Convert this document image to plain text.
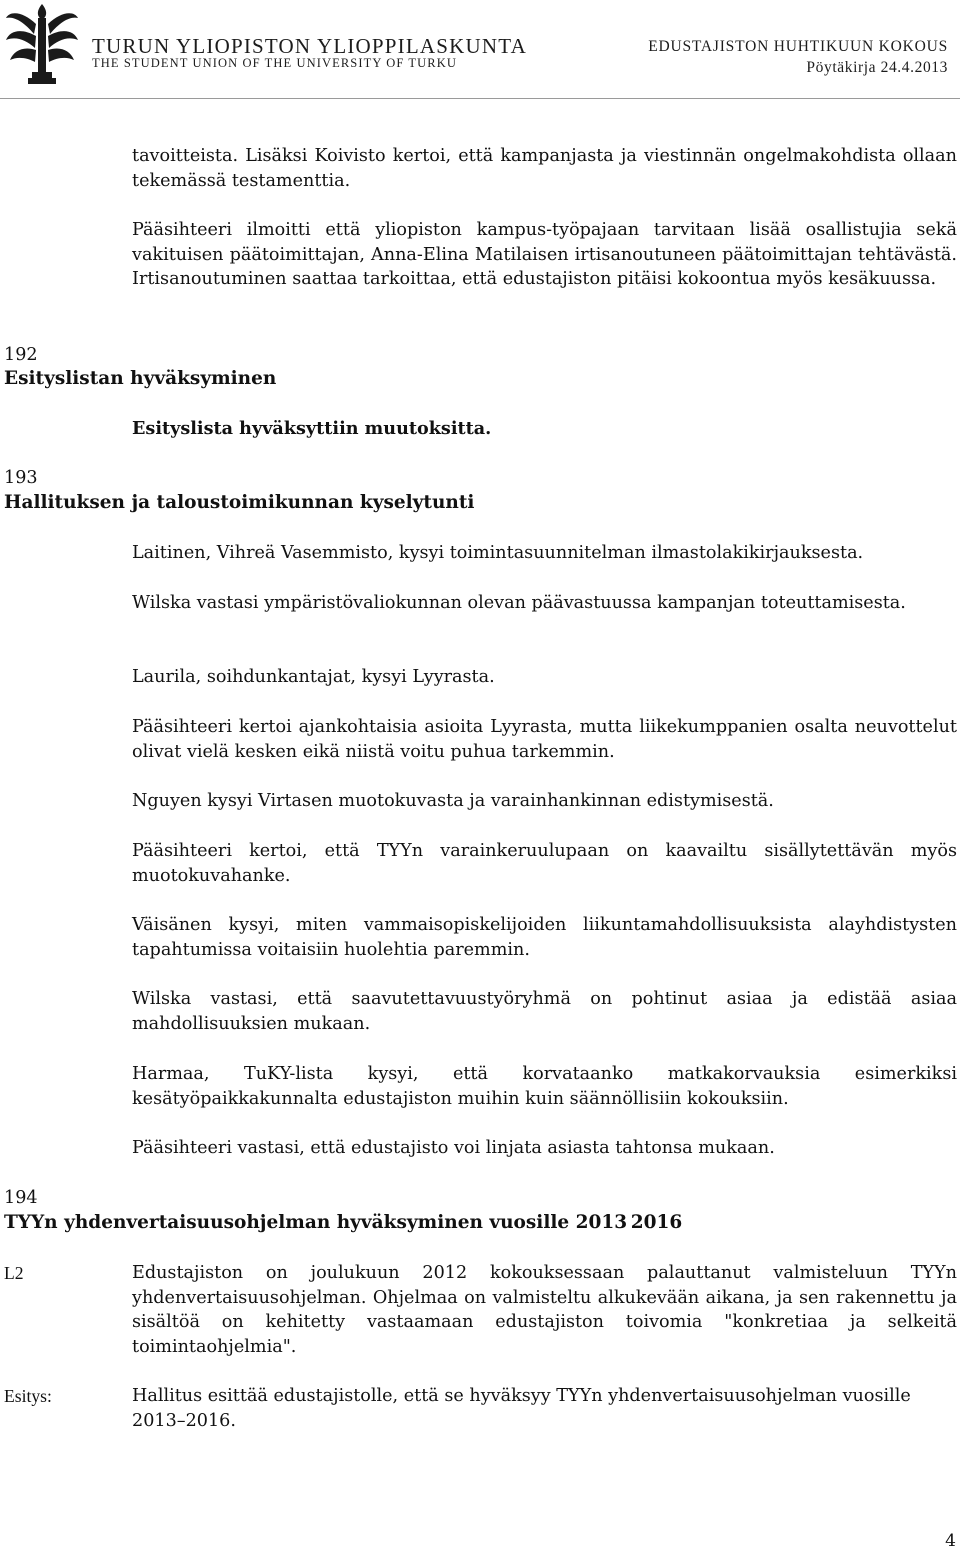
TURUN YLIOPISTON YLIOPPILASKUNTA
THE STUDENT UNION OF THE UNIVERSITY OF TURKU
EDUSTAJISTON HUHTIKUUN KOKOUS
Pöytäkirja 24.4.2013
tavoitteista. Lisäksi Koivisto kertoi, että kampanjasta ja viestinnän ongelmakohdista ollaan tekemässä testamenttia.
Pääsihteeri ilmoitti että yliopiston kampus-työpajaan tarvitaan lisää osallistujia sekä vakituisen päätoimittajan, Anna-Elina Matilaisen irtisanoutuneen päätoimittajan tehtävästä. Irtisanoutuminen saattaa tarkoittaa, että edustajiston pitäisi kokoontua myös kesäkuussa.
192
Esityslistan hyväksyminen
Esityslista hyväksyttiin muutoksitta.
193
Hallituksen ja taloustoimikunnan kyselytunti
Laitinen, Vihreä Vasemmisto, kysyi toimintasuunnitelman ilmastolakikirjauksesta.
Wilska vastasi ympäristövaliokunnan olevan päävastuussa kampanjan toteuttamisesta.
Laurila, soihdunkantajat, kysyi Lyyrasta.
Pääsihteeri kertoi ajankohtaisia asioita Lyyrasta, mutta liikekumppanien osalta neuvottelut olivat vielä kesken eikä niistä voitu puhua tarkemmin.
Nguyen kysyi Virtasen muotokuvasta ja varainhankinnan edistymisestä.
Pääsihteeri kertoi, että TYYn varainkeruulupaan on kaavailtu sisällytettävän myös muotokuvahanke.
Väisänen kysyi, miten vammaisopiskelijoiden liikuntamahdollisuuksista alayhdistysten tapahtumissa voitaisiin huolehtia paremmin.
Wilska vastasi, että saavutettavuustyöryhmä on pohtinut asiaa ja edistää asiaa mahdollisuuksien mukaan.
Harmaa, TuKY-lista kysyi, että korvataanko matkakorvauksia esimerkiksi kesätyöpaikkakunnalta edustajiston muihin kuin säännöllisiin kokouksiin.
Pääsihteeri vastasi, että edustajisto voi linjata asiasta tahtonsa mukaan.
194
TYYn yhdenvertaisuusohjelman hyväksyminen vuosille 2013 2016
L2	Edustajiston on joulukuun 2012 kokouksessaan palauttanut valmisteluun TYYn yhdenvertaisuusohjelman. Ohjelmaa on valmisteltu alkukevään aikana, ja sen rakennettu ja sisältöä on kehitetty vastaamaan edustajiston toivomia "konkretiaa ja selkeitä toimintaohjelmia".
Esitys:	Hallitus esittää edustajistolle, että se hyväksyy TYYn yhdenvertaisuusohjelman vuosille 2013–2016.
4
